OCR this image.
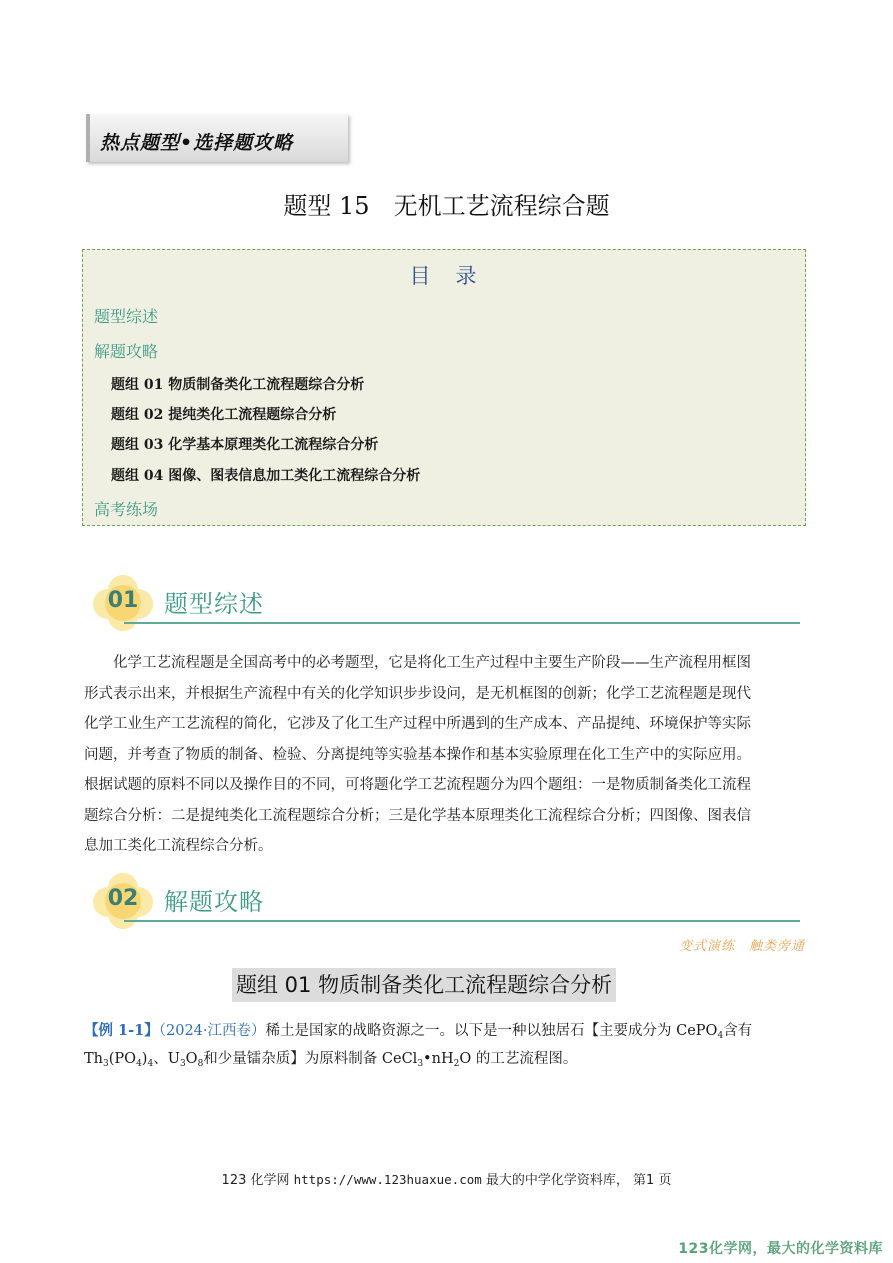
热点题型•选择题攻略
题型 15 无机工艺流程综合题
目　录
题型综述
解题攻略
题组 01 物质制备类化工流程题综合分析
题组 02 提纯类化工流程题综合分析
题组 03 化学基本原理类化工流程综合分析
题组 04 图像、图表信息加工类化工流程综合分析
高考练场
01	题型综述
　　化学工艺流程题是全国高考中的必考题型，它是将化工生产过程中主要生产阶段——生产流程用框图
形式表示出来，并根据生产流程中有关的化学知识步步设问，是无机框图的创新；化学工艺流程题是现代
化学工业生产工艺流程的简化，它涉及了化工生产过程中所遇到的生产成本、产品提纯、环境保护等实际
问题，并考查了物质的制备、检验、分离提纯等实验基本操作和基本实验原理在化工生产中的实际应用。
根据试题的原料不同以及操作目的不同，可将题化学工艺流程题分为四个题组：一是物质制备类化工流程
题综合分析：二是提纯类化工流程题综合分析；三是化学基本原理类化工流程综合分析；四图像、图表信
息加工类化工流程综合分析。
02	解题攻略
变式演练　触类旁通
题组 01 物质制备类化工流程题综合分析
【例 1-1】（2024·江西卷）稀土是国家的战略资源之一。以下是一种以独居石【主要成分为 CePO$_4$含有
$Th_3(PO_4)_4$、$U_3O_8$和少量镭杂质】为原料制备 $CeCl_3•nH_2O$ 的工艺流程图。
123 化学网 https://www.123huaxue.com 最大的中学化学资料库， 第1 页
123化学网，最大的化学资料库
